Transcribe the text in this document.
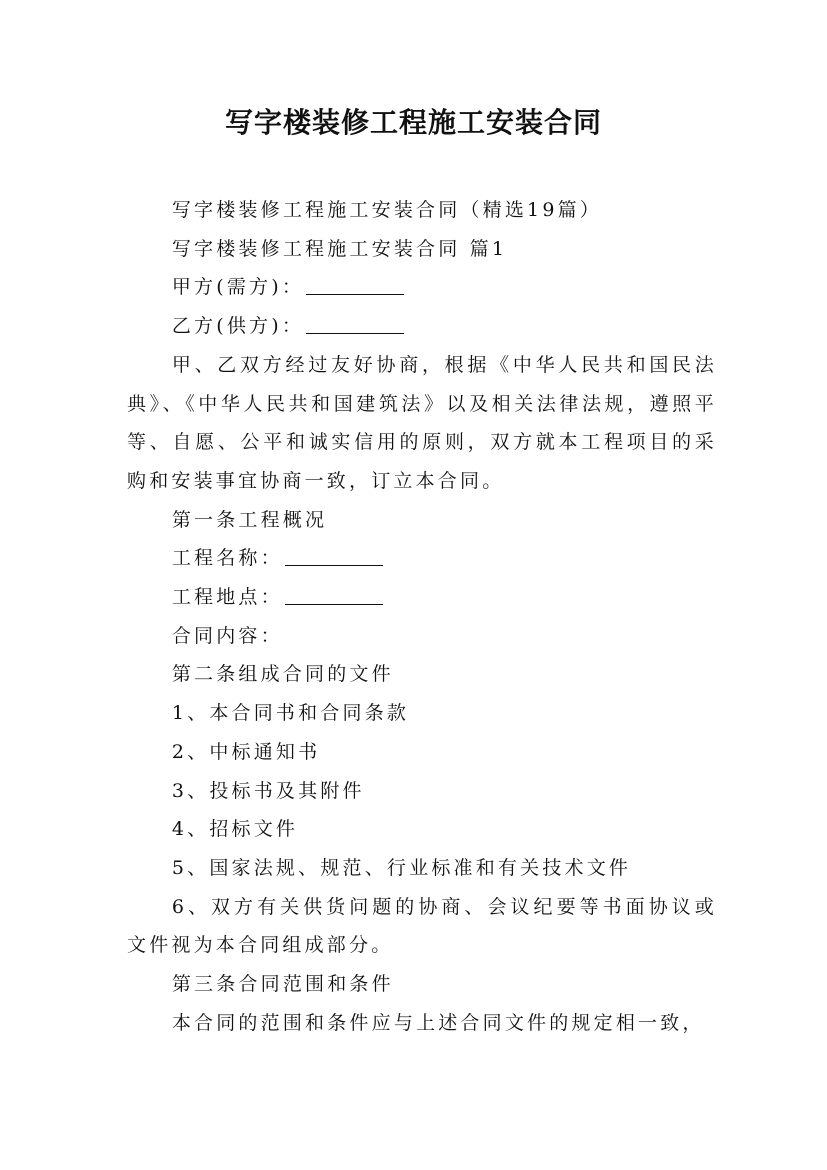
写字楼装修工程施工安装合同

写字楼装修工程施工安装合同（精选19篇）

写字楼装修工程施工安装合同 篇1

甲方(需方)：

乙方(供方)：

甲、乙双方经过友好协商，根据《中华人民共和国民法典》、《中华人民共和国建筑法》以及相关法律法规，遵照平等、自愿、公平和诚实信用的原则，双方就本工程项目的采购和安装事宜协商一致，订立本合同。

第一条工程概况

工程名称：

工程地点：

合同内容：

第二条组成合同的文件

1、本合同书和合同条款

2、中标通知书

3、投标书及其附件

4、招标文件

5、国家法规、规范、行业标准和有关技术文件

6、双方有关供货问题的协商、会议纪要等书面协议或文件视为本合同组成部分。

第三条合同范围和条件

本合同的范围和条件应与上述合同文件的规定相一致，
